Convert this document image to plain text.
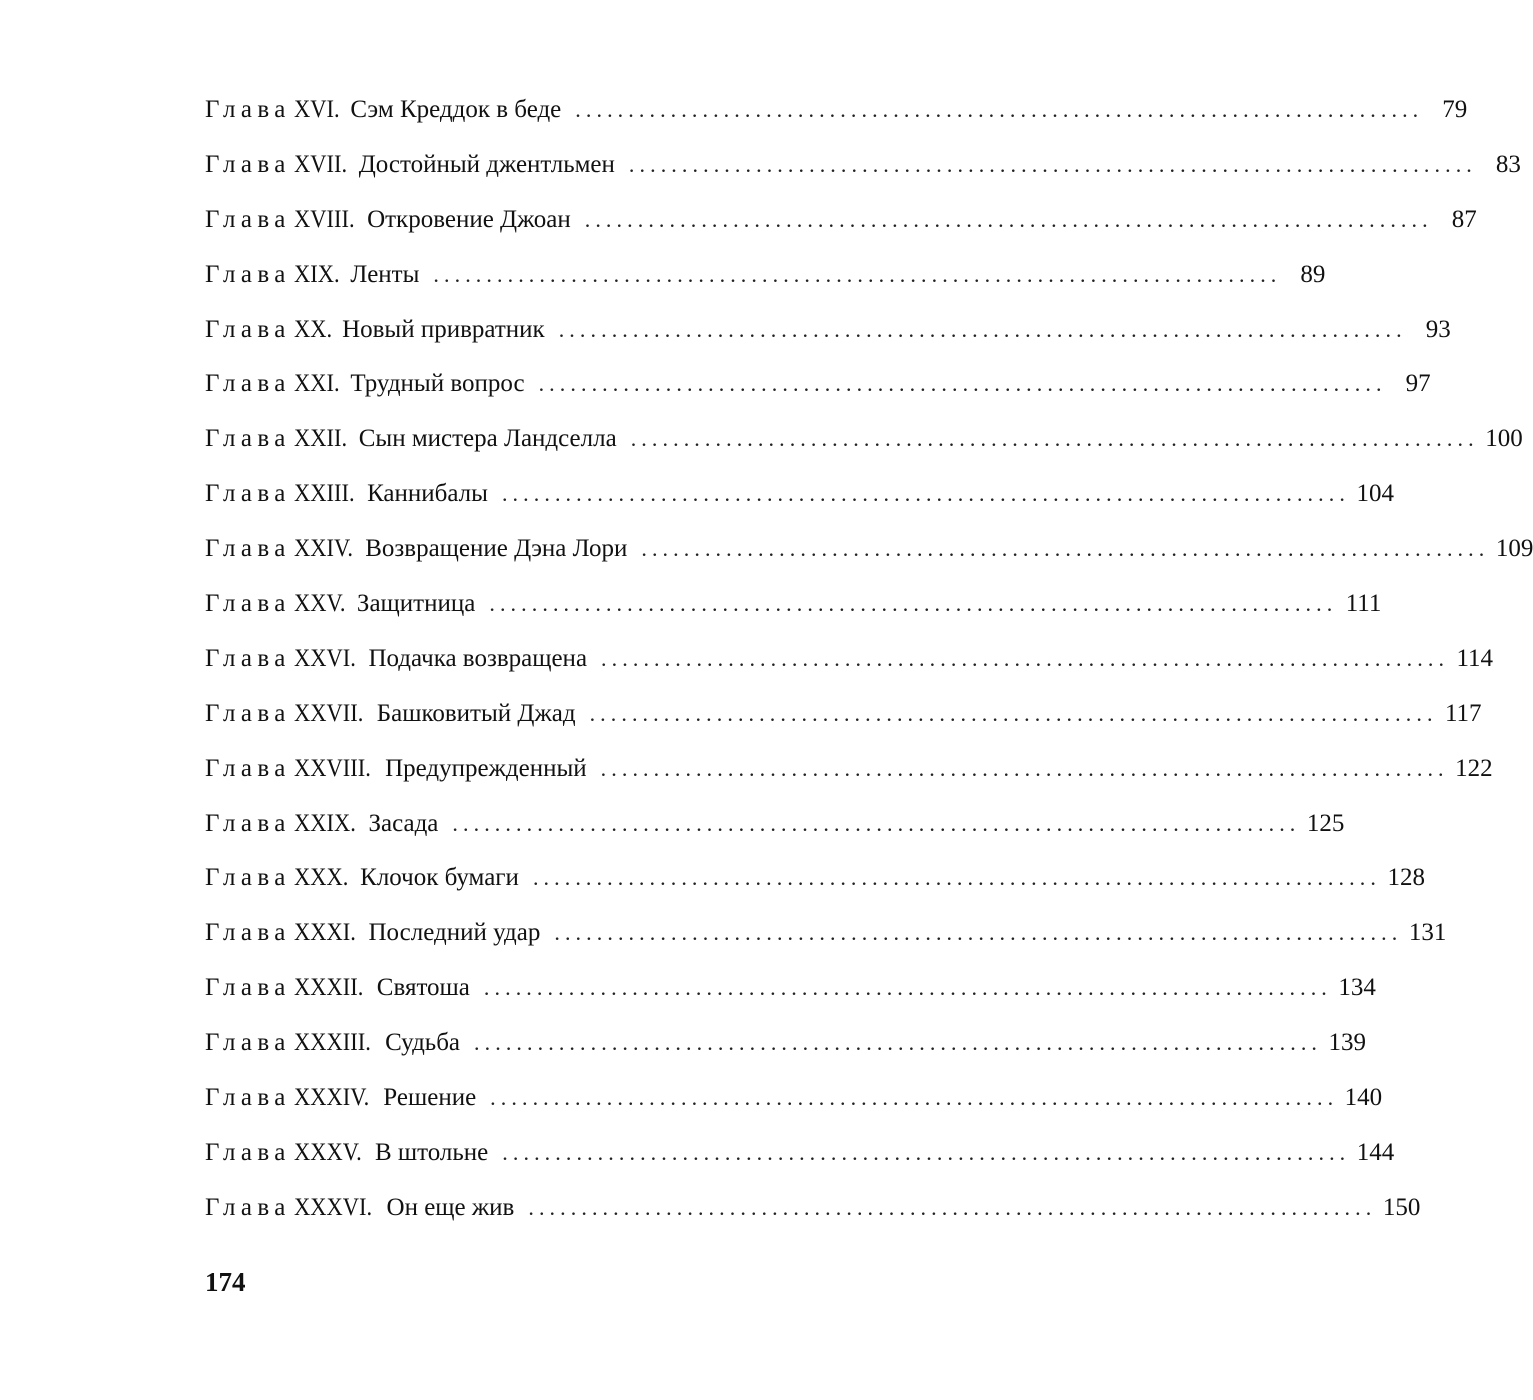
Глава XVI. Сэм Креддок в беде ................................................................................ 79
Глава XVII. Достойный джентльмен ................................................................................ 83
Глава XVIII. Откровение Джоан ................................................................................ 87
Глава XIX. Ленты ................................................................................ 89
Глава XX. Новый привратник ................................................................................ 93
Глава XXI. Трудный вопрос ................................................................................ 97
Глава XXII. Сын мистера Ландселла ................................................................................ 100
Глава XXIII. Каннибалы ................................................................................ 104
Глава XXIV. Возвращение Дэна Лори ................................................................................ 109
Глава XXV. Защитница ................................................................................ 111
Глава XXVI. Подачка возвращена ................................................................................ 114
Глава XXVII. Башковитый Джад ................................................................................ 117
Глава XXVIII. Предупрежденный ................................................................................ 122
Глава XXIX. Засада ................................................................................ 125
Глава XXX. Клочок бумаги ................................................................................ 128
Глава XXXI. Последний удар ................................................................................ 131
Глава XXXII. Святоша ................................................................................ 134
Глава XXXIII. Судьба ................................................................................ 139
Глава XXXIV. Решение ................................................................................ 140
Глава XXXV. В штольне ................................................................................ 144
Глава XXXVI. Он еще жив ................................................................................ 150
174
